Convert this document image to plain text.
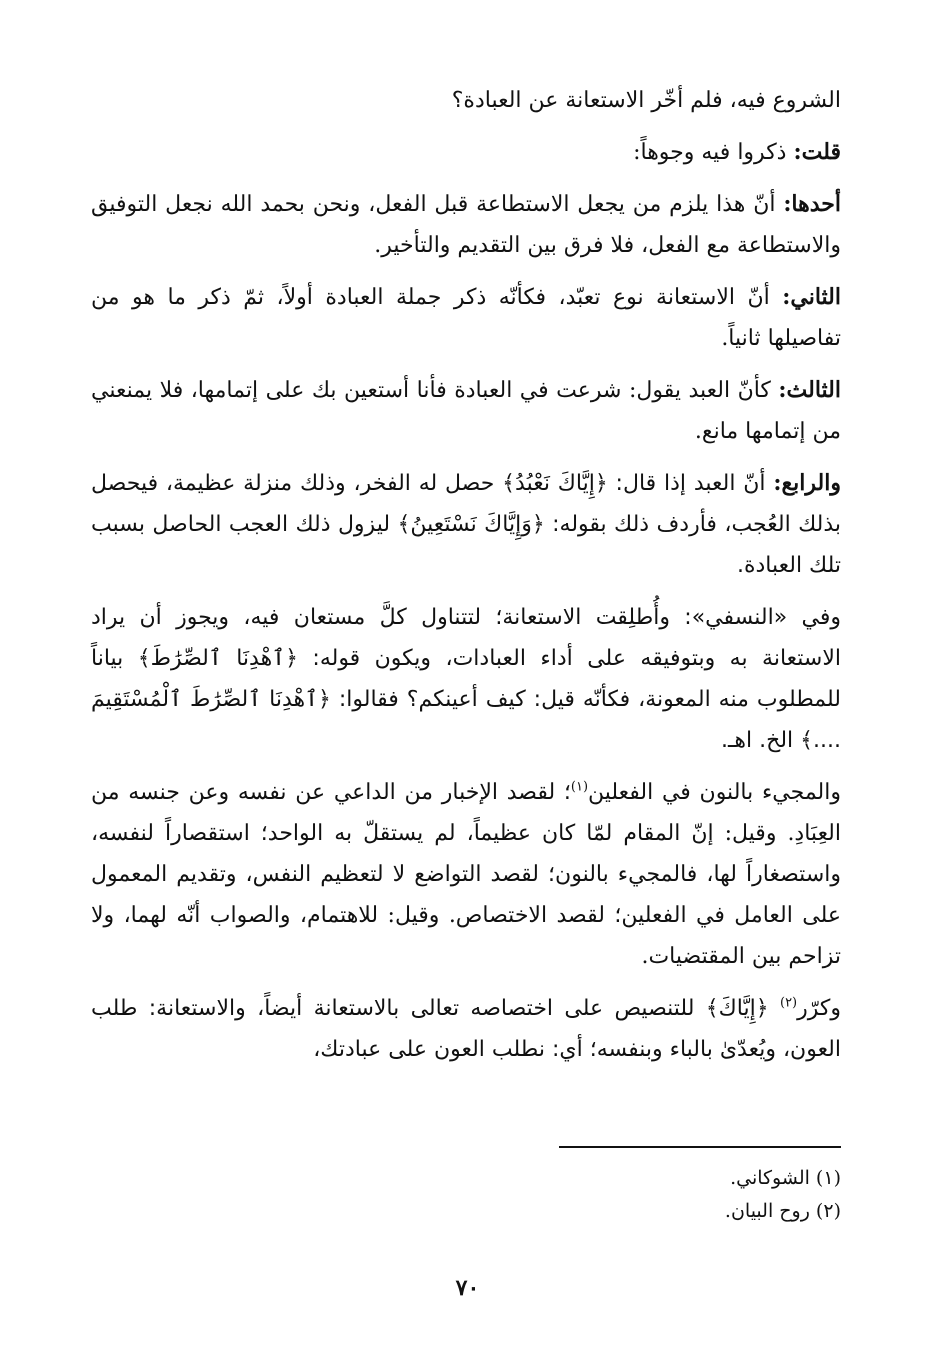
الشروع فيه، فلم أخّر الاستعانة عن العبادة؟

قلت: ذكروا فيه وجوهاً:

أحدها: أنّ هذا يلزم من يجعل الاستطاعة قبل الفعل، ونحن بحمد الله نجعل التوفيق والاستطاعة مع الفعل، فلا فرق بين التقديم والتأخير.

الثاني: أنّ الاستعانة نوع تعبّد، فكأنّه ذكر جملة العبادة أولاً، ثمّ ذكر ما هو من تفاصيلها ثانياً.

الثالث: كأنّ العبد يقول: شرعت في العبادة فأنا أستعين بك على إتمامها، فلا يمنعني من إتمامها مانع.

والرابع: أنّ العبد إذا قال: ﴿إِيَّاكَ نَعْبُدُ﴾ حصل له الفخر، وذلك منزلة عظيمة، فيحصل بذلك العُجب، فأردف ذلك بقوله: ﴿وَإِيَّاكَ نَسْتَعِينُ﴾ ليزول ذلك العجب الحاصل بسبب تلك العبادة.

وفي «النسفي»: وأُطلِقت الاستعانة؛ لتتناول كلَّ مستعان فيه، ويجوز أن يراد الاستعانة به وبتوفيقه على أداء العبادات، ويكون قوله: ﴿ٱهْدِنَا ٱلصِّرَٰطَ﴾ بياناً للمطلوب منه المعونة، فكأنّه قيل: كيف أعينكم؟ فقالوا: ﴿ٱهْدِنَا ٱلصِّرَٰطَ ٱلْمُسْتَقِيمَ ....﴾ الخ. اهـ.

والمجيء بالنون في الفعلين$^{(١)}$؛ لقصد الإخبار من الداعي عن نفسه وعن جنسه من العِبَادِ. وقيل: إنّ المقام لمّا كان عظيماً، لم يستقلّ به الواحد؛ استقصاراً لنفسه، واستصغاراً لها، فالمجيء بالنون؛ لقصد التواضع لا لتعظيم النفس، وتقديم المعمول على العامل في الفعلين؛ لقصد الاختصاص. وقيل: للاهتمام، والصواب أنّه لهما، ولا تزاحم بين المقتضيات.

وكرّر$^{(٢)}$ ﴿إِيَّاكَ﴾ للتنصيص على اختصاصه تعالى بالاستعانة أيضاً، والاستعانة: طلب العون، ويُعدّىٰ بالباء وبنفسه؛ أي: نطلب العون على عبادتك،

(١) الشوكاني.

(٢) روح البيان.

٧٠
